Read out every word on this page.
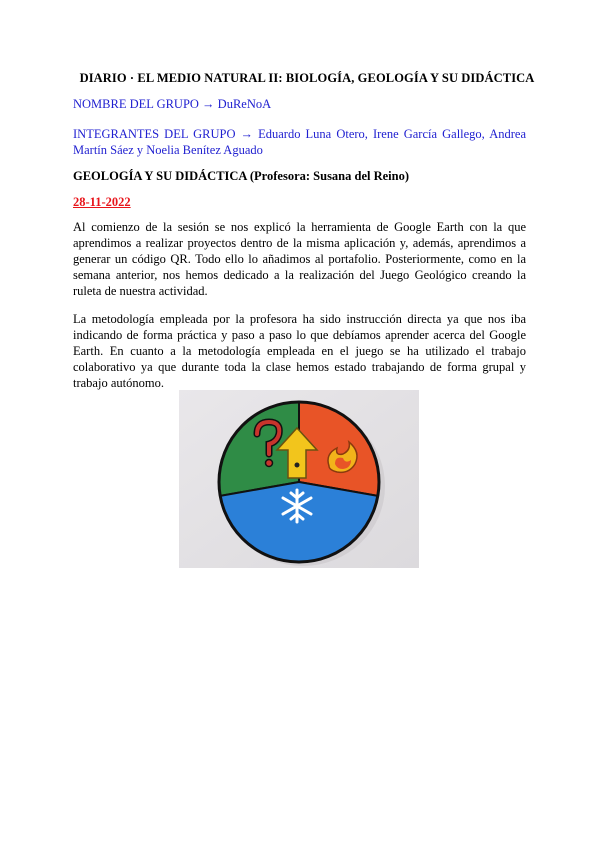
DIARIO · EL MEDIO NATURAL II: BIOLOGÍA, GEOLOGÍA Y SU DIDÁCTICA
NOMBRE DEL GRUPO → DuReNoA
INTEGRANTES DEL GRUPO → Eduardo Luna Otero, Irene García Gallego, Andrea Martín Sáez y Noelia Benítez Aguado
GEOLOGÍA Y SU DIDÁCTICA (Profesora: Susana del Reino)
28-11-2022
Al comienzo de la sesión se nos explicó la herramienta de Google Earth con la que aprendimos a realizar proyectos dentro de la misma aplicación y, además, aprendimos a generar un código QR. Todo ello lo añadimos al portafolio. Posteriormente, como en la semana anterior, nos hemos dedicado a la realización del Juego Geológico creando la ruleta de nuestra actividad.
La metodología empleada por la profesora ha sido instrucción directa ya que nos iba indicando de forma práctica y paso a paso lo que debíamos aprender acerca del Google Earth. En cuanto a la metodología empleada en el juego se ha utilizado el trabajo colaborativo ya que durante toda la clase hemos estado trabajando de forma grupal y trabajo autónomo.
